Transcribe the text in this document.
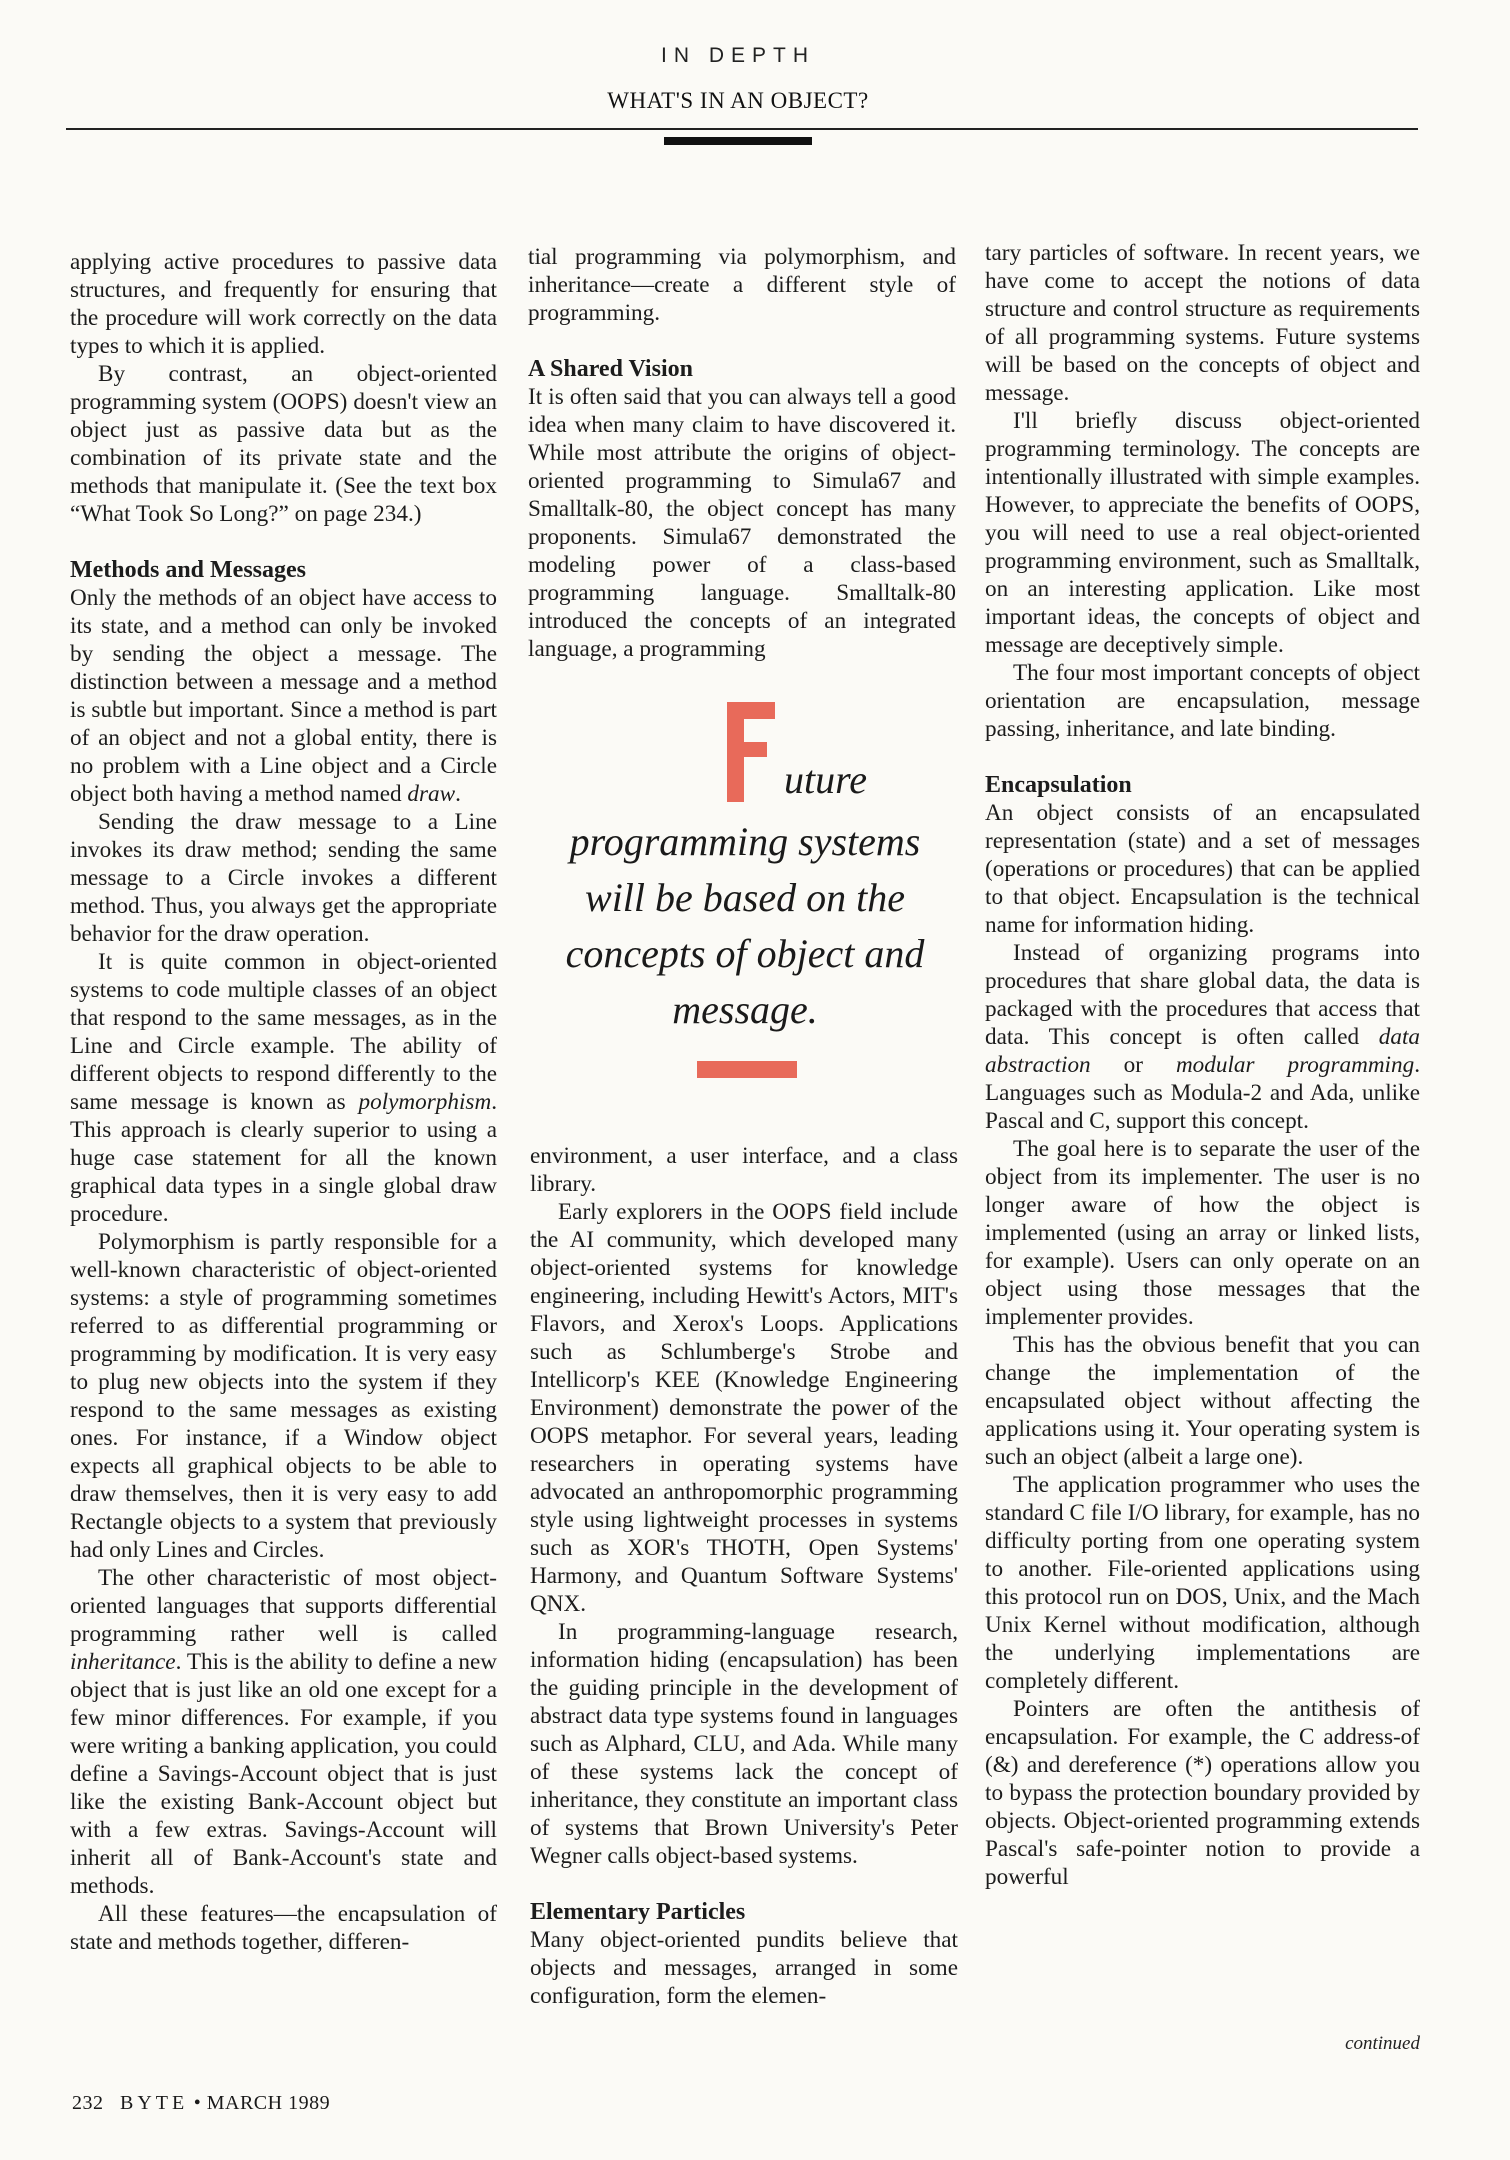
IN DEPTH
WHAT'S IN AN OBJECT?

applying active procedures to passive data structures, and frequently for ensuring that the procedure will work correctly on the data types to which it is applied.

By contrast, an object-oriented programming system (OOPS) doesn't view an object just as passive data but as the combination of its private state and the methods that manipulate it. (See the text box “What Took So Long?” on page 234.)

Methods and Messages

Only the methods of an object have access to its state, and a method can only be invoked by sending the object a message. The distinction between a message and a method is subtle but important. Since a method is part of an object and not a global entity, there is no problem with a Line object and a Circle object both having a method named draw.

Sending the draw message to a Line invokes its draw method; sending the same message to a Circle invokes a different method. Thus, you always get the appropriate behavior for the draw operation.

It is quite common in object-oriented systems to code multiple classes of an object that respond to the same messages, as in the Line and Circle example. The ability of different objects to respond differently to the same message is known as polymorphism. This approach is clearly superior to using a huge case statement for all the known graphical data types in a single global draw procedure.

Polymorphism is partly responsible for a well-known characteristic of object-oriented systems: a style of programming sometimes referred to as differential programming or programming by modification. It is very easy to plug new objects into the system if they respond to the same messages as existing ones. For instance, if a Window object expects all graphical objects to be able to draw themselves, then it is very easy to add Rectangle objects to a system that previously had only Lines and Circles.

The other characteristic of most object-oriented languages that supports differential programming rather well is called inheritance. This is the ability to define a new object that is just like an old one except for a few minor differences. For example, if you were writing a banking application, you could define a Savings-Account object that is just like the existing Bank-Account object but with a few extras. Savings-Account will inherit all of Bank-Account's state and methods.

All these features—the encapsulation of state and methods together, differen-

tial programming via polymorphism, and inheritance—create a different style of programming.

A Shared Vision

It is often said that you can always tell a good idea when many claim to have discovered it. While most attribute the origins of object-oriented programming to Simula67 and Smalltalk-80, the object concept has many proponents. Simula67 demonstrated the modeling power of a class-based programming language. Smalltalk-80 introduced the concepts of an integrated language, a programming

uture
programming systems will be based on the concepts of object and message.

environment, a user interface, and a class library.

Early explorers in the OOPS field include the AI community, which developed many object-oriented systems for knowledge engineering, including Hewitt's Actors, MIT's Flavors, and Xerox's Loops. Applications such as Schlumberge's Strobe and Intellicorp's KEE (Knowledge Engineering Environment) demonstrate the power of the OOPS metaphor. For several years, leading researchers in operating systems have advocated an anthropomorphic programming style using lightweight processes in systems such as XOR's THOTH, Open Systems' Harmony, and Quantum Software Systems' QNX.

In programming-language research, information hiding (encapsulation) has been the guiding principle in the development of abstract data type systems found in languages such as Alphard, CLU, and Ada. While many of these systems lack the concept of inheritance, they constitute an important class of systems that Brown University's Peter Wegner calls object-based systems.

Elementary Particles

Many object-oriented pundits believe that objects and messages, arranged in some configuration, form the elemen-

tary particles of software. In recent years, we have come to accept the notions of data structure and control structure as requirements of all programming systems. Future systems will be based on the concepts of object and message.

I'll briefly discuss object-oriented programming terminology. The concepts are intentionally illustrated with simple examples. However, to appreciate the benefits of OOPS, you will need to use a real object-oriented programming environment, such as Smalltalk, on an interesting application. Like most important ideas, the concepts of object and message are deceptively simple.

The four most important concepts of object orientation are encapsulation, message passing, inheritance, and late binding.

Encapsulation

An object consists of an encapsulated representation (state) and a set of messages (operations or procedures) that can be applied to that object. Encapsulation is the technical name for information hiding.

Instead of organizing programs into procedures that share global data, the data is packaged with the procedures that access that data. This concept is often called data abstraction or modular programming. Languages such as Modula-2 and Ada, unlike Pascal and C, support this concept.

The goal here is to separate the user of the object from its implementer. The user is no longer aware of how the object is implemented (using an array or linked lists, for example). Users can only operate on an object using those messages that the implementer provides.

This has the obvious benefit that you can change the implementation of the encapsulated object without affecting the applications using it. Your operating system is such an object (albeit a large one).

The application programmer who uses the standard C file I/O library, for example, has no difficulty porting from one operating system to another. File-oriented applications using this protocol run on DOS, Unix, and the Mach Unix Kernel without modification, although the underlying implementations are completely different.

Pointers are often the antithesis of encapsulation. For example, the C address-of (&) and dereference (*) operations allow you to bypass the protection boundary provided by objects. Object-oriented programming extends Pascal's safe-pointer notion to provide a powerful

continued
232 BYTE • MARCH 1989
